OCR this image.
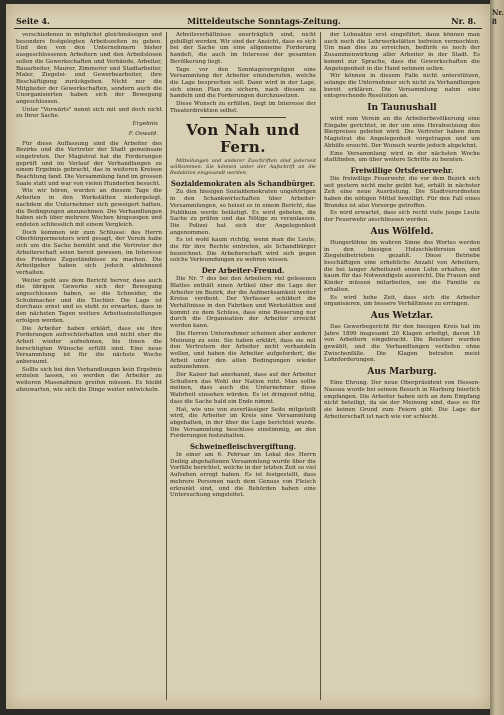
Seite 4.	Mitteldeutsche Sonntags-Zeitung.	Nr. 8.

verschiedenen in möglichst gleichmässigen und besonders festgelegten Arbeitszeiten zu geben. Und den von den Unternehmern bisher ausgeschlossenen Arbeitern und den Arbeitslosen sollen die Gewerkschaften und Verbände, Arbeiter, Bauarbeiter, Maurer, Zimmerer und Stadtarbeiter, Maler, Ziegelei- und Gewerbearbeiter, ihre Beschäftigung zurückgeben. Nicht nur die Mitglieder der Gewerkschaften, sondern auch die Unorganisierten haben sich der Bewegung angeschlossen.

Unter "Vorwärts" nennt sich mit und doch nicht zu Ihrer Sache.

Ergebnis

F. Oswald.

Für diese Auffassung sind die Arbeiter des Bezirks und die Vertreter der Stadt gemeinsam eingetreten. Der Magistrat hat die Forderungen geprüft und im Verlauf der Verhandlungen zu einem Ergebnis gebracht, das in weiteren Kreisen Beachtung fand. Die Versammlung fand im grossen Saale statt und war von vielen Hunderten besucht.

Wie wir hören, wurden an diesem Tage die Arbeiten in den Werkstätten niedergelegt, nachdem die Unternehmer sich geweigert hatten, die Bedingungen anzunehmen. Die Verhandlungen haben sich über mehrere Wochen hingezogen und endeten schliesslich mit einem Vergleich.

Doch kommen wir zum Schlusse: des Herrn Oberbürgermeisters wird gesagt, der Verein habe sich um die Sache bemüht und die Vertreter der Arbeiterschaft seien bereit gewesen, im Interesse des Friedens Zugeständnisse zu machen. Die Arbeitgeber haben sich jedoch ablehnend verhalten.

Weiter geht aus dem Bericht hervor, dass auch die übrigen Gewerke sich der Bewegung angeschlossen haben, so die Schneider, die Schuhmacher und die Tischler. Die Lage ist durchaus ernst und es steht zu erwarten, dass in den nächsten Tagen weitere Arbeitseinstellungen erfolgen werden.

Die Arbeiter haben erklärt, dass sie ihre Forderungen aufrechterhalten und nicht eher die Arbeit wieder aufnehmen, bis ihnen die berechtigten Wünsche erfüllt sind. Eine neue Versammlung ist für die nächste Woche anberaumt.

Sollte sich bei den Verhandlungen kein Ergebnis erzielen lassen, so werden die Arbeiter zu weiteren Massnahmen greifen müssen. Es bleibt abzuwarten, wie sich die Dinge weiter entwickeln.

Arbeitsverhältnisse unerträglich sind, nicht gebilligt werden. Wir sind der Ansicht, dass es sich bei der Sache um eine allgemeine Forderung handelt, die auch im Interesse der gesamten Bevölkerung liegt.

Tage vor den Sonntagsvergnügen eine Versammlung der Arbeiter einzuberufen, welche die Lage besprechen soll. Dann wird in der Lage, sich einen Plan zu sichern, nach diesem zu handeln und die Forderungen durchzusetzen.

Diese Wunsch zu erfüllen, liegt im Interesse der Theaterdirektion selbst.

Von Nah und Fern.

Mitteilungen und anderer Zuschriften sind jederzeit willkommen. Sie können unter der Aufschrift an die Redaktion eingesandt werden.

Sozialdemokraten als Schandbürger.

Zu den hiesigen Sozialdemokraten ungehörigen in den Schankwirtschaften über Arbeiter-Versammlungen, so heisst es in einem Bericht, das Publikum werde belästigt. Es wird gebeten, die Sache zu prüfen und das Nötige zu veranlassen. Die Polizei hat sich der Angelegenheit angenommen.

Es ist wohl kaum richtig, wenn man die Leute, die für ihre Rechte eintreten, als Schandbürger bezeichnet. Die Arbeiterschaft wird sich gegen solche Verleumdungen zu wehren wissen.

Der Arbeiter-Freund.

Die Nr. 7 des bei den Arbeitern viel gelesenen Blattes enthält einen Artikel über die Lage der Arbeiter im Bezirk, der die Aufmerksamkeit weiter Kreise verdient. Der Verfasser schildert die Verhältnisse in den Fabriken und Werkstätten und kommt zu dem Schluss, dass eine Besserung nur durch die Organisation der Arbeiter erreicht werden kann.

Die Herren Unternehmer scheinen aber anderer Meinung zu sein. Sie haben erklärt, dass sie mit den Vertretern der Arbeiter nicht verhandeln wollen, und haben die Arbeiter aufgefordert, die Arbeit unter den alten Bedingungen wieder aufzunehmen.

Der Kaiser hat anerkannt, dass auf der Arbeiter Schultern das Wohl der Nation ruht. Man sollte meinen, dass auch die Unternehmer diese Wahrheit einsehen würden. Es ist dringend nötig, dass die Sache bald ein Ende nimmt.

Hat, wie uns von zuverlässiger Seite mitgeteilt wird, die Arbeiter im Kreis eine Versammlung abgehalten, in der über die Lage berichtet wurde. Die Versammlung beschloss einstimmig, an den Forderungen festzuhalten.

Schweinefleischvergiftung.

In einer am 6. Februar im Lokal des Herrn Deibig abgehaltenen Versammlung wurde über die Vorfälle berichtet, welche in der letzten Zeit so viel Aufsehen erregt haben. Es ist festgestellt, dass mehrere Personen nach dem Genuss von Fleisch erkrankt sind, und die Behörden haben eine Untersuchung eingeleitet.

der Lohnsätze erst eingeführt, dann können man auch noch die Lehrwerkstätten befreien vermochten. Um man dies zu erreichen, bedürfe es noch der Zusammenwirkung aller Arbeiter in der Stadt. Es kommt zur Sprache, dass die Gewerkschaften die Angelegenheit in die Hand nehmen sollen.

Wir können in diesem Falle nicht unterstützen, solange die Unternehmer sich nicht zu Verhandlungen bereit erklären. Die Versammlung nahm eine entsprechende Resolution an.

In Taunushall

wird vom Verein an die Arbeiterbevölkerung eine Eingabe gerichtet, in der um eine Herabsetzung des Bierpreises gebeten wird. Die Vertreter haben dem Magistrat die Angelegenheit vorgetragen und um Abhilfe ersucht. Der Wunsch wurde jedoch abgelehnt.

Eine Versammlung wird in der nächsten Woche stattfinden, um über weitere Schritte zu beraten.

Freiwillige Ortsfeuerwehr.

Die freiwillige Feuerwehr, die vor dem Bezirk sich seit gestern nicht mehr geübt hat, erhält in nächster Zeit eine neue Ausrüstung. Die Stadtverordneten haben die nötigen Mittel bewilligt. Für den Fall eines Brandes ist also Vorsorge getroffen.

Es wird erwartet, dass sich recht viele junge Leute der Feuerwehr anschliessen werden.

Aus Wölfeld.

Hungerlöhne im wahren Sinne des Wortes werden in den hiesigen Holzschleifereien und Ziegeleibetrieben gezahlt. Diese Betriebe beschäftigen eine erhebliche Anzahl von Arbeitern, die bei langer Arbeitszeit einen Lohn erhalten, der kaum für das Notwendigste ausreicht. Die Frauen und Kinder müssen mitarbeiten, um die Familie zu erhalten.

Es wird hohe Zeit, dass sich die Arbeiter organisieren, um bessere Verhältnisse zu erringen.

Aus Wetzlar.

Das Gewerbegericht für den hiesigen Kreis hat im Jahre 1899 insgesamt 20 Klagen erledigt, davon 18 von Arbeitern eingebracht. Die Beisitzer wurden gewählt, und die Verhandlungen verliefen ohne Zwischenfälle. Die Klagen betrafen meist Lohnforderungen.

Aus Marburg.

Eine Ehrung. Der neue Oberpräsident von Hessen-Nassau wurde bei seinem Besuch in Marburg feierlich empfangen. Die Arbeiter haben sich an dem Empfang nicht beteiligt, da sie der Meinung sind, dass es für sie keinen Grund zum Feiern gibt. Die Lage der Arbeiterschaft ist nach wie vor schlecht.

Nr. 8
